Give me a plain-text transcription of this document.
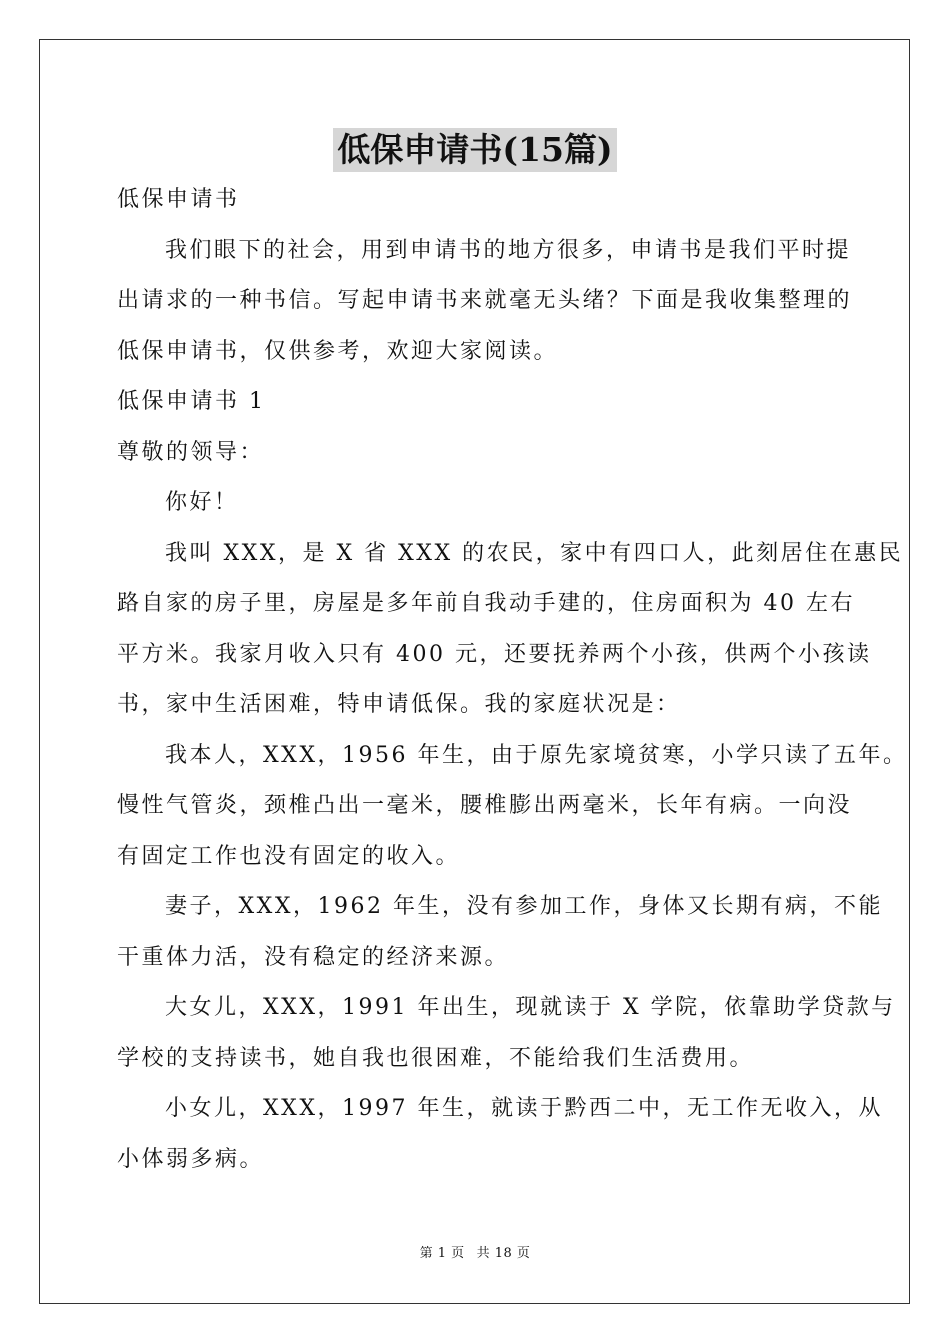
低保申请书(15篇)
低保申请书
我们眼下的社会，用到申请书的地方很多，申请书是我们平时提
出请求的一种书信。写起申请书来就毫无头绪？下面是我收集整理的
低保申请书，仅供参考，欢迎大家阅读。
低保申请书 1
尊敬的领导：
你好！
我叫 XXX，是 X 省 XXX 的农民，家中有四口人，此刻居住在惠民
路自家的房子里，房屋是多年前自我动手建的，住房面积为 40 左右
平方米。我家月收入只有 400 元，还要抚养两个小孩，供两个小孩读
书，家中生活困难，特申请低保。我的家庭状况是：
我本人，XXX，1956 年生，由于原先家境贫寒，小学只读了五年。
慢性气管炎，颈椎凸出一毫米，腰椎膨出两毫米，长年有病。一向没
有固定工作也没有固定的收入。
妻子，XXX，1962 年生，没有参加工作，身体又长期有病，不能
干重体力活，没有稳定的经济来源。
大女儿，XXX，1991 年出生，现就读于 X 学院，依靠助学贷款与
学校的支持读书，她自我也很困难，不能给我们生活费用。
小女儿，XXX，1997 年生，就读于黔西二中，无工作无收入，从
小体弱多病。
第 1 页 共 18 页
